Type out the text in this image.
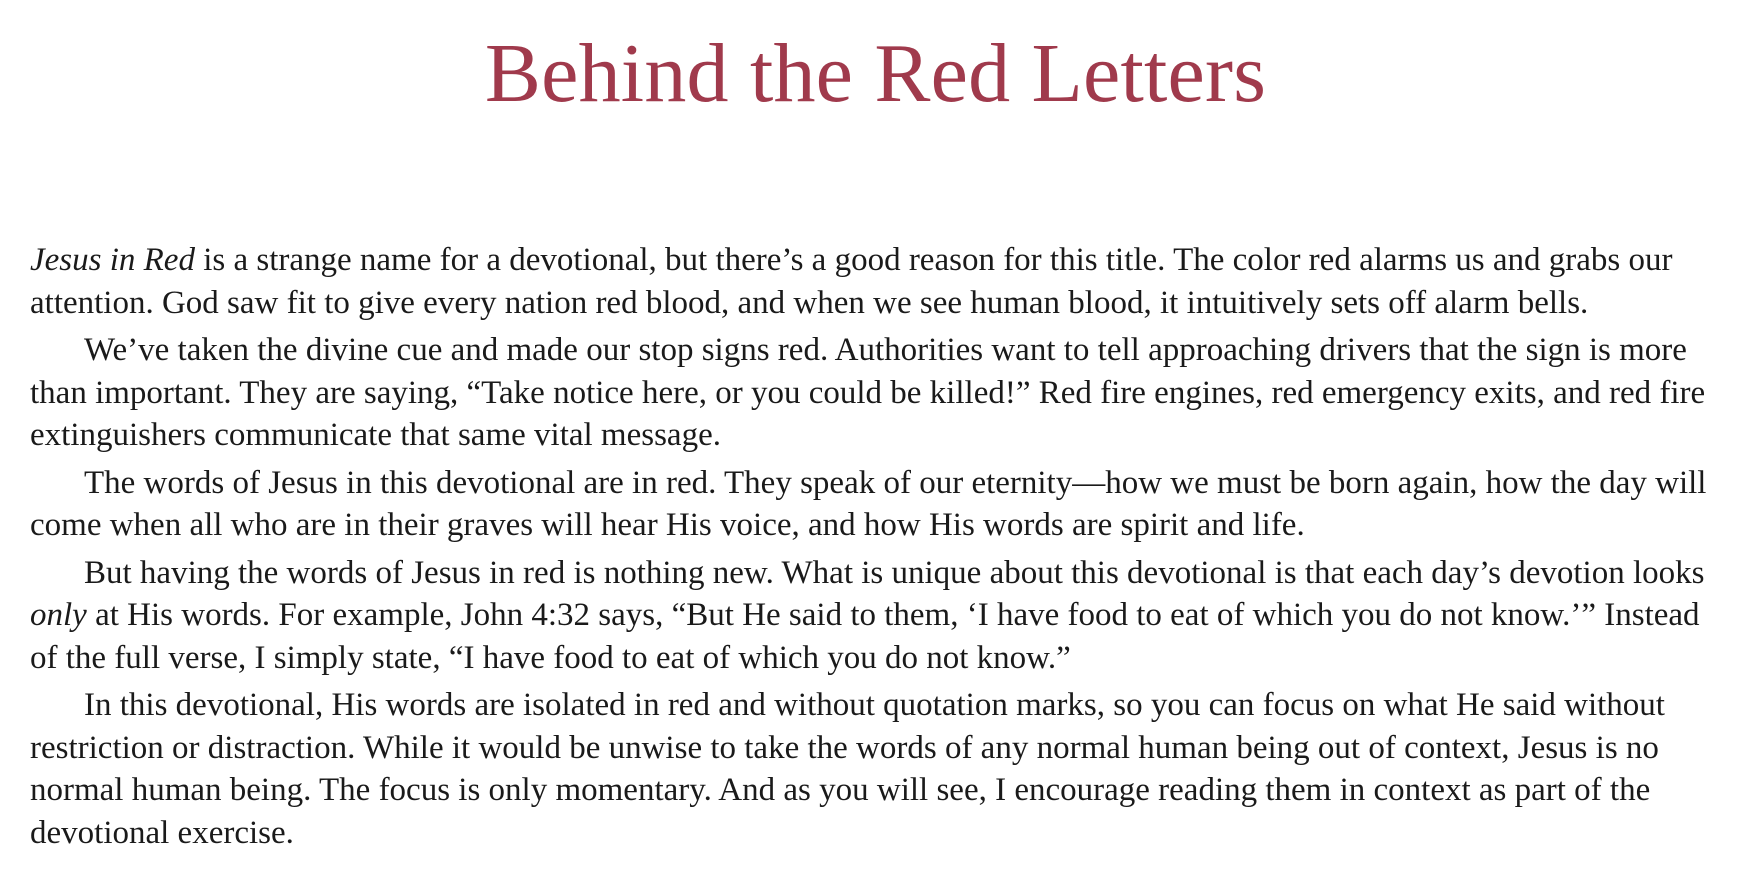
Behind the Red Letters

Jesus in Red is a strange name for a devotional, but there’s a good reason for this title. The color red alarms us and grabs our attention. God saw fit to give every nation red blood, and when we see human blood, it intuitively sets off alarm bells.

We’ve taken the divine cue and made our stop signs red. Authorities want to tell approaching drivers that the sign is more than important. They are saying, “Take notice here, or you could be killed!” Red fire engines, red emergency exits, and red fire extinguishers communicate that same vital message.

The words of Jesus in this devotional are in red. They speak of our eternity—how we must be born again, how the day will come when all who are in their graves will hear His voice, and how His words are spirit and life.

But having the words of Jesus in red is nothing new. What is unique about this devotional is that each day’s devotion looks only at His words. For example, John 4:32 says, “But He said to them, ‘I have food to eat of which you do not know.’” Instead of the full verse, I simply state, “I have food to eat of which you do not know.”

In this devotional, His words are isolated in red and without quotation marks, so you can focus on what He said without restriction or distraction. While it would be unwise to take the words of any normal human being out of context, Jesus is no normal human being. The focus is only momentary. And as you will see, I encourage reading them in context as part of the devotional exercise.
